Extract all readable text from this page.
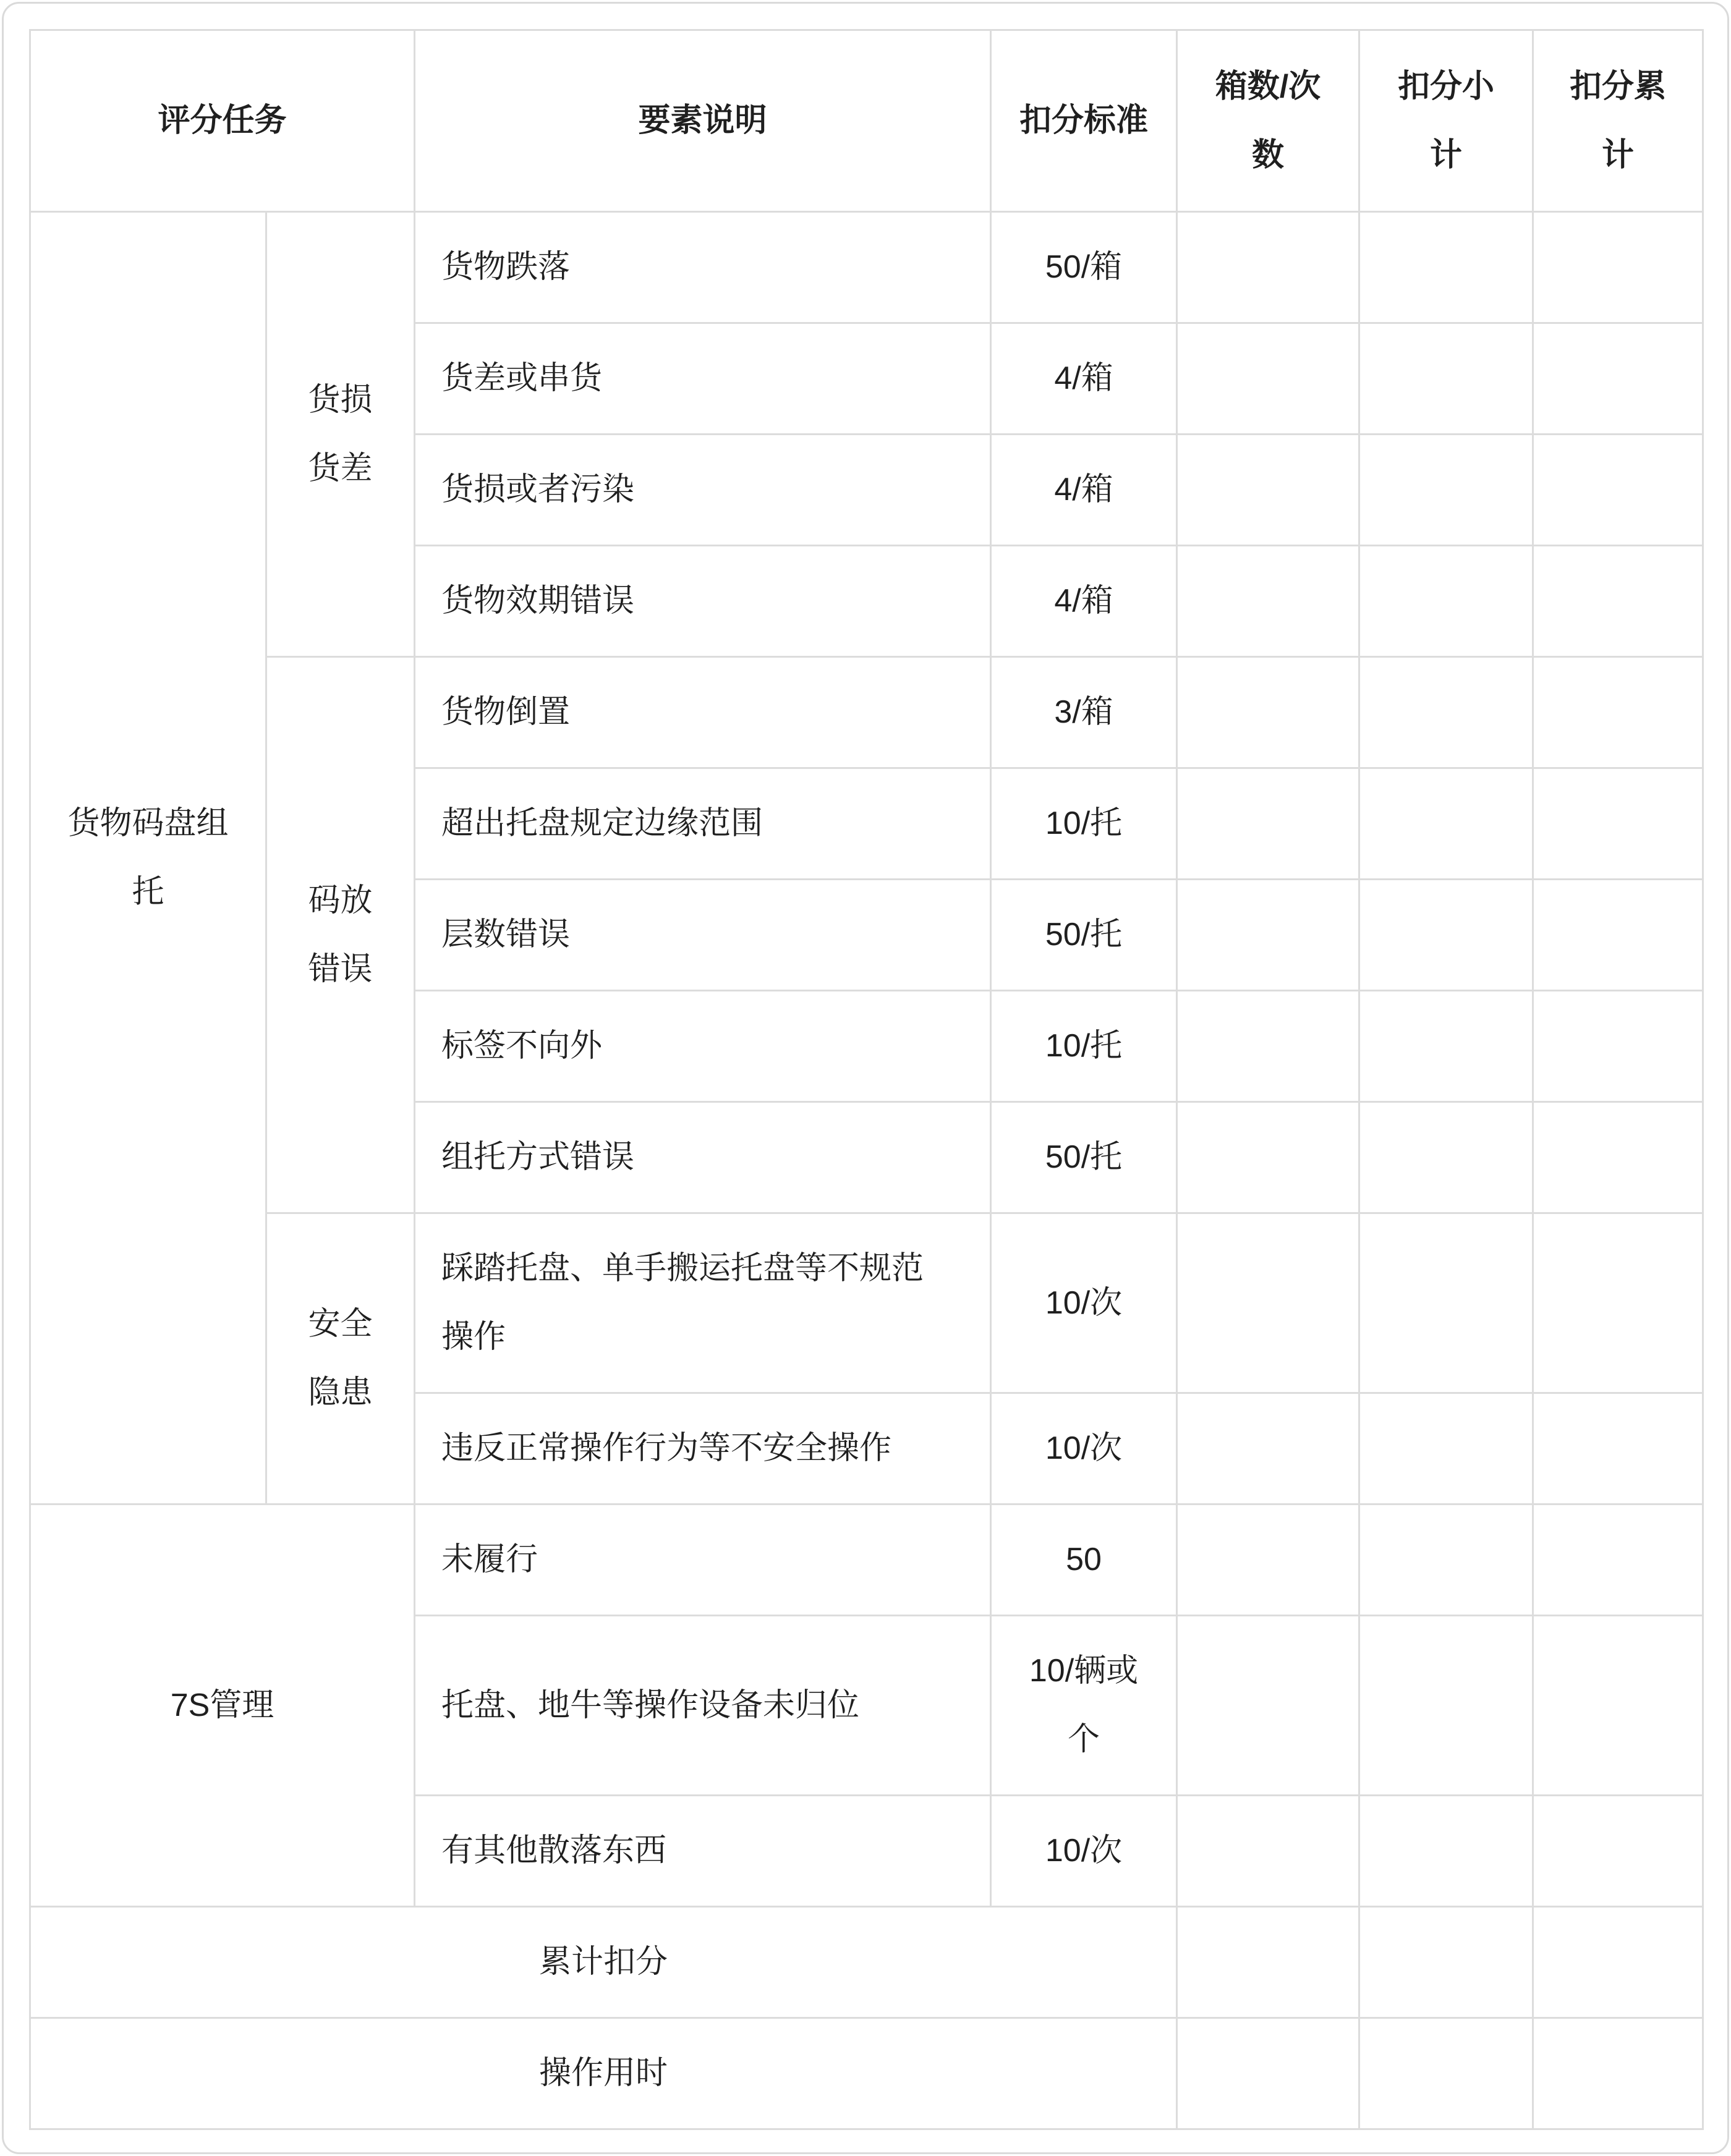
评分任务		要素说明	扣分标准	箱数/次数	扣分小计	扣分累计
货物码盘组托	货损货差	货物跌落	50/箱			
		货差或串货	4/箱			
		货损或者污染	4/箱			
		货物效期错误	4/箱			
	码放错误	货物倒置	3/箱			
		超出托盘规定边缘范围	10/托			
		层数错误	50/托			
		标签不向外	10/托			
		组托方式错误	50/托			
	安全隐患	踩踏托盘、单手搬运托盘等不规范操作	10/次			
		违反正常操作行为等不安全操作	10/次			
7S管理		未履行	50			
		托盘、地牛等操作设备未归位	10/辆或个			
		有其他散落东西	10/次			
累计扣分						
操作用时						
